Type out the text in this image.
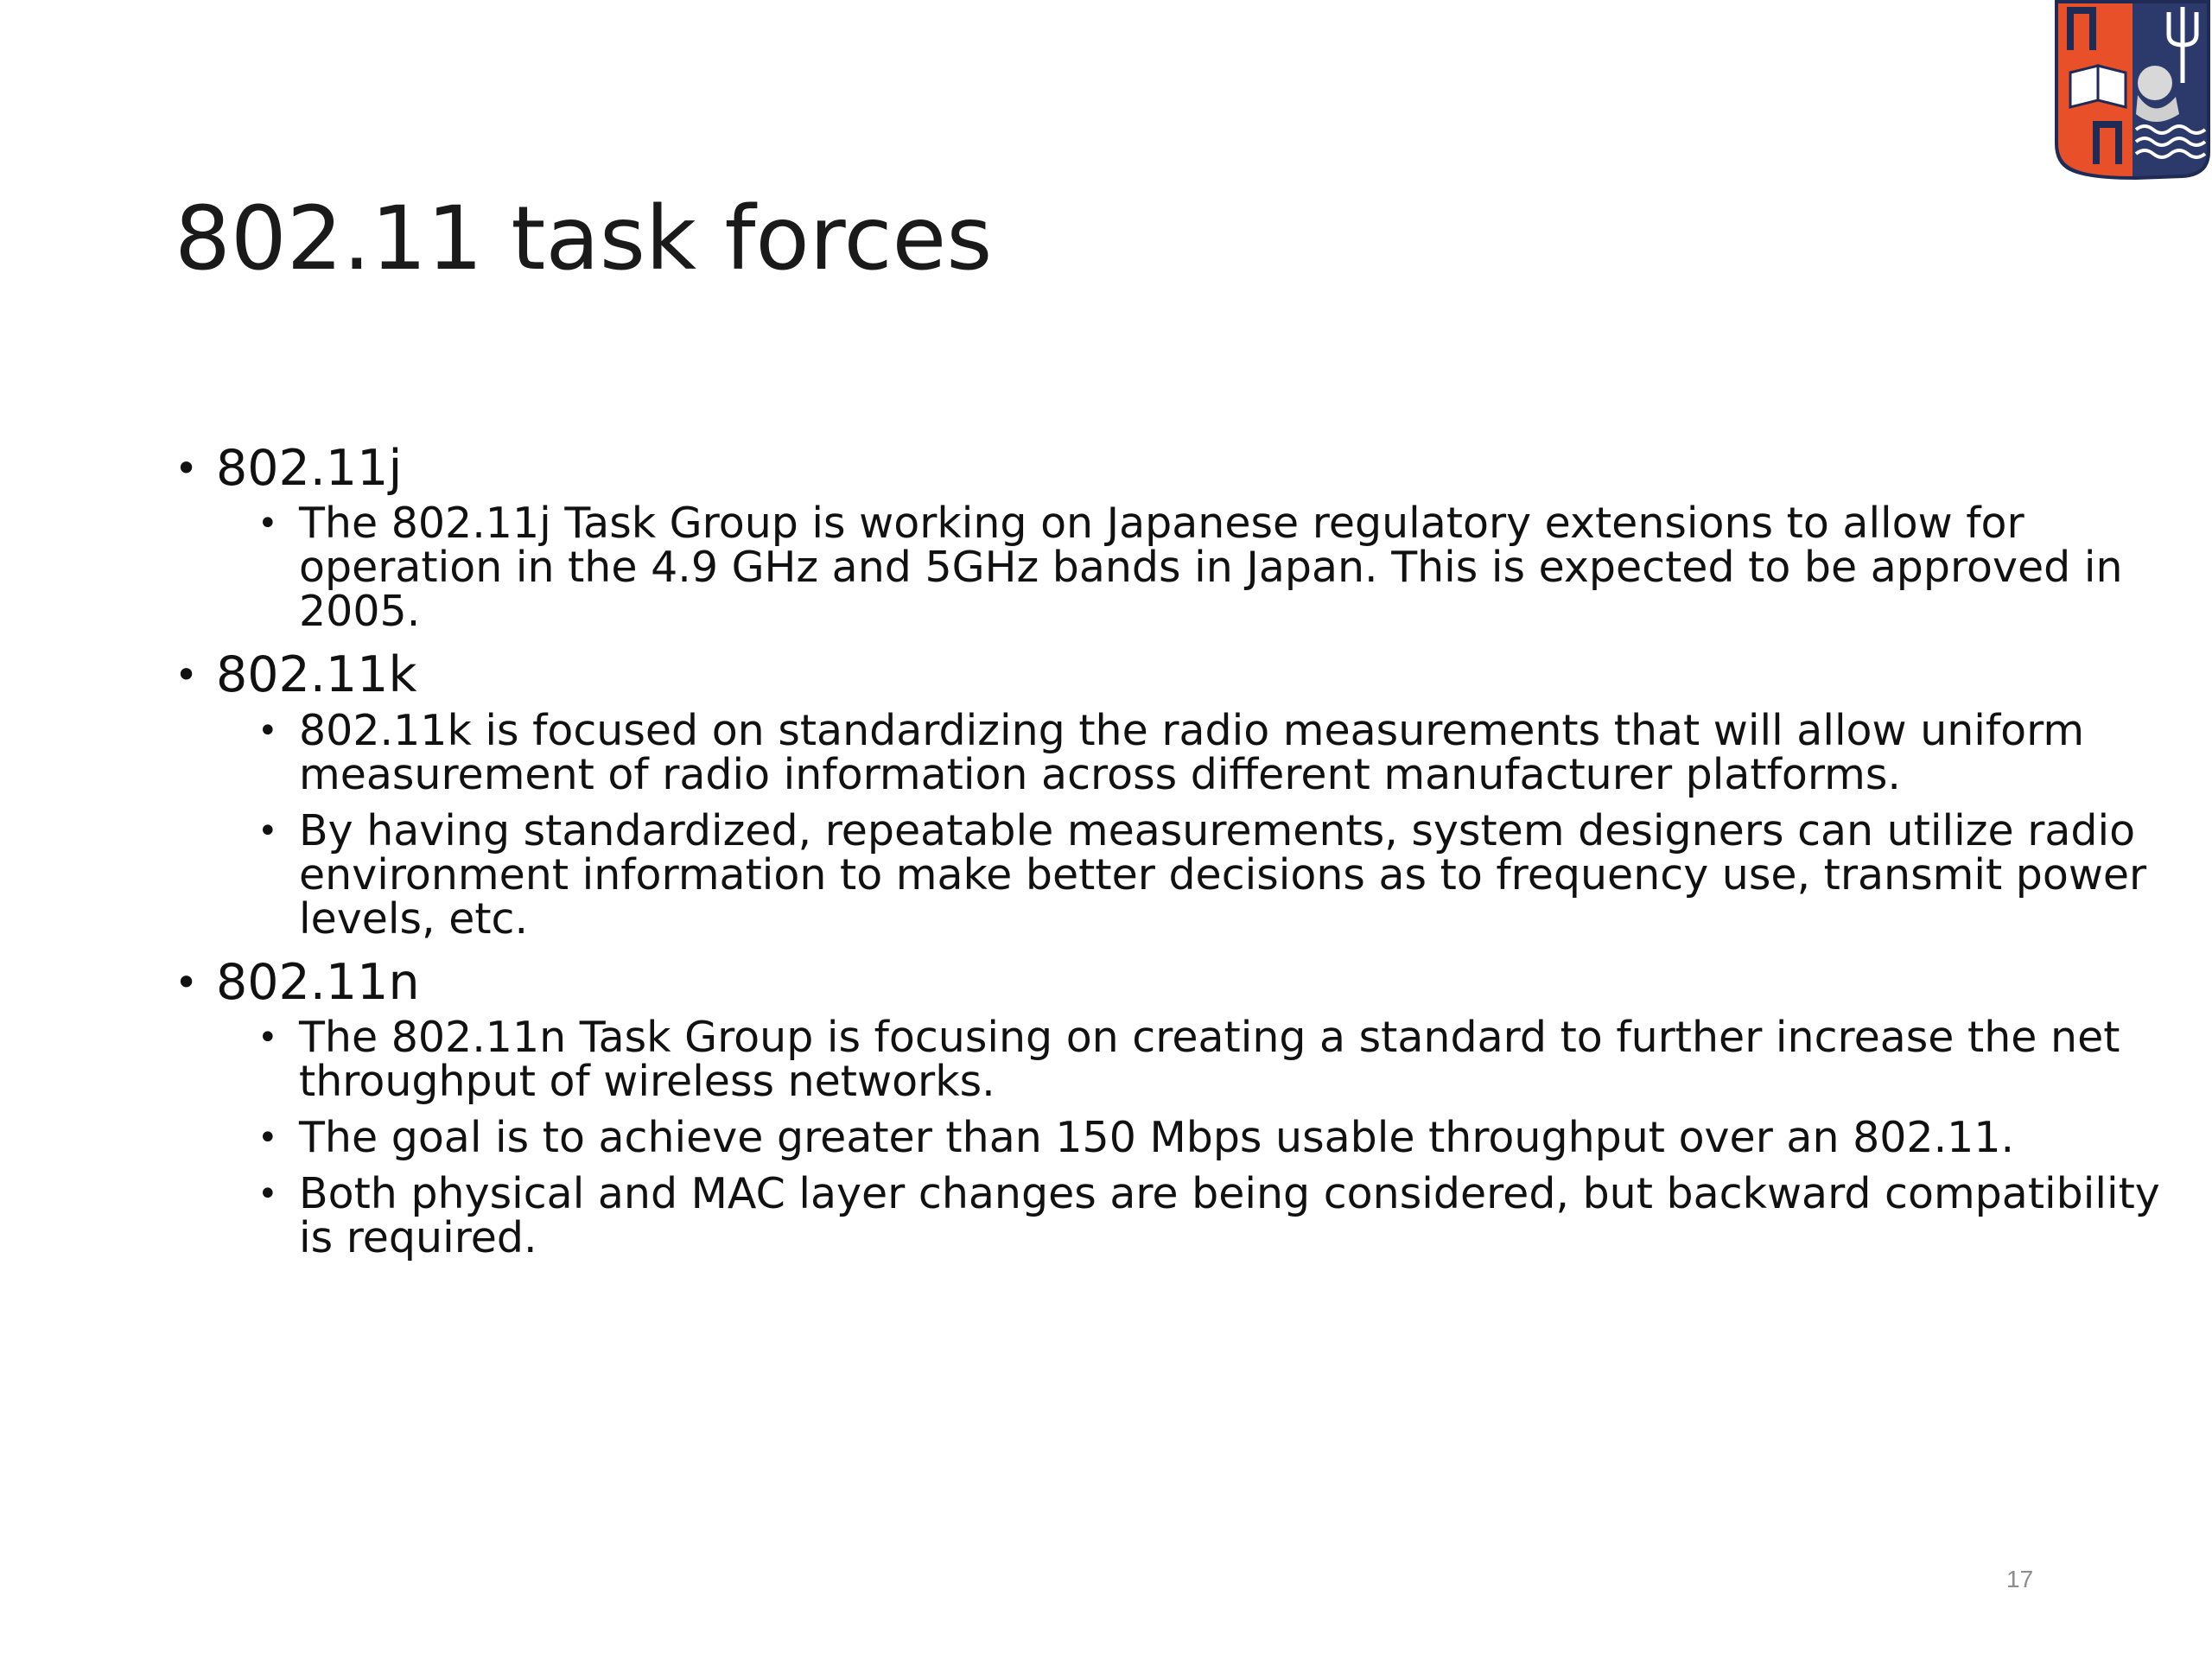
802.11 task forces
• 802.11j
• The 802.11j Task Group is working on Japanese regulatory extensions to allow for operation in the 4.9 GHz and 5GHz bands in Japan. This is expected to be approved in 2005.
• 802.11k
• 802.11k is focused on standardizing the radio measurements that will allow uniform measurement of radio information across different manufacturer platforms.
• By having standardized, repeatable measurements, system designers can utilize radio environment information to make better decisions as to frequency use, transmit power levels, etc.
• 802.11n
• The 802.11n Task Group is focusing on creating a standard to further increase the net throughput of wireless networks.
• The goal is to achieve greater than 150 Mbps usable throughput over an 802.11.
• Both physical and MAC layer changes are being considered, but backward compatibility is required.
17
